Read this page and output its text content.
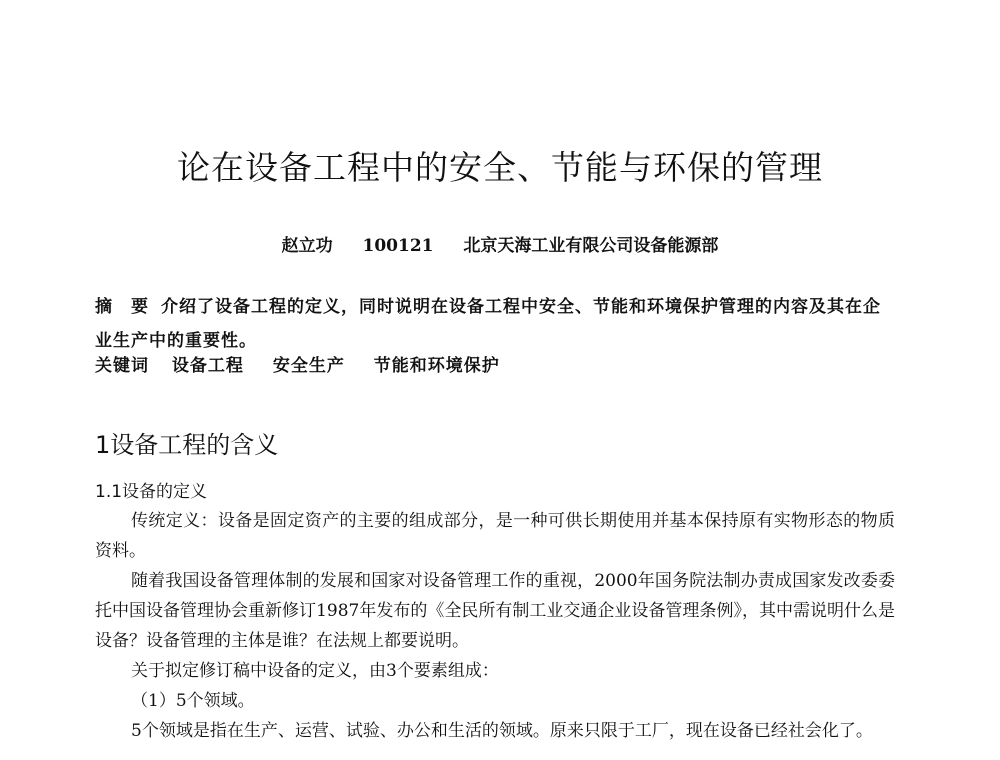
论在设备工程中的安全、节能与环保的管理
赵立功 100121 北京天海工业有限公司设备能源部
摘 要 介绍了设备工程的定义，同时说明在设备工程中安全、节能和环境保护管理的内容及其在企业生产中的重要性。
关键词 设备工程 安全生产 节能和环境保护
1设备工程的含义
1.1设备的定义

传统定义：设备是固定资产的主要的组成部分，是一种可供长期使用并基本保持原有实物形态的物质资料。

随着我国设备管理体制的发展和国家对设备管理工作的重视，2000年国务院法制办责成国家发改委委托中国设备管理协会重新修订1987年发布的《全民所有制工业交通企业设备管理条例》，其中需说明什么是设备？设备管理的主体是谁？在法规上都要说明。

关于拟定修订稿中设备的定义，由3个要素组成：

（1）5个领域。

5个领域是指在生产、运营、试验、办公和生活的领域。原来只限于工厂，现在设备已经社会化了。
